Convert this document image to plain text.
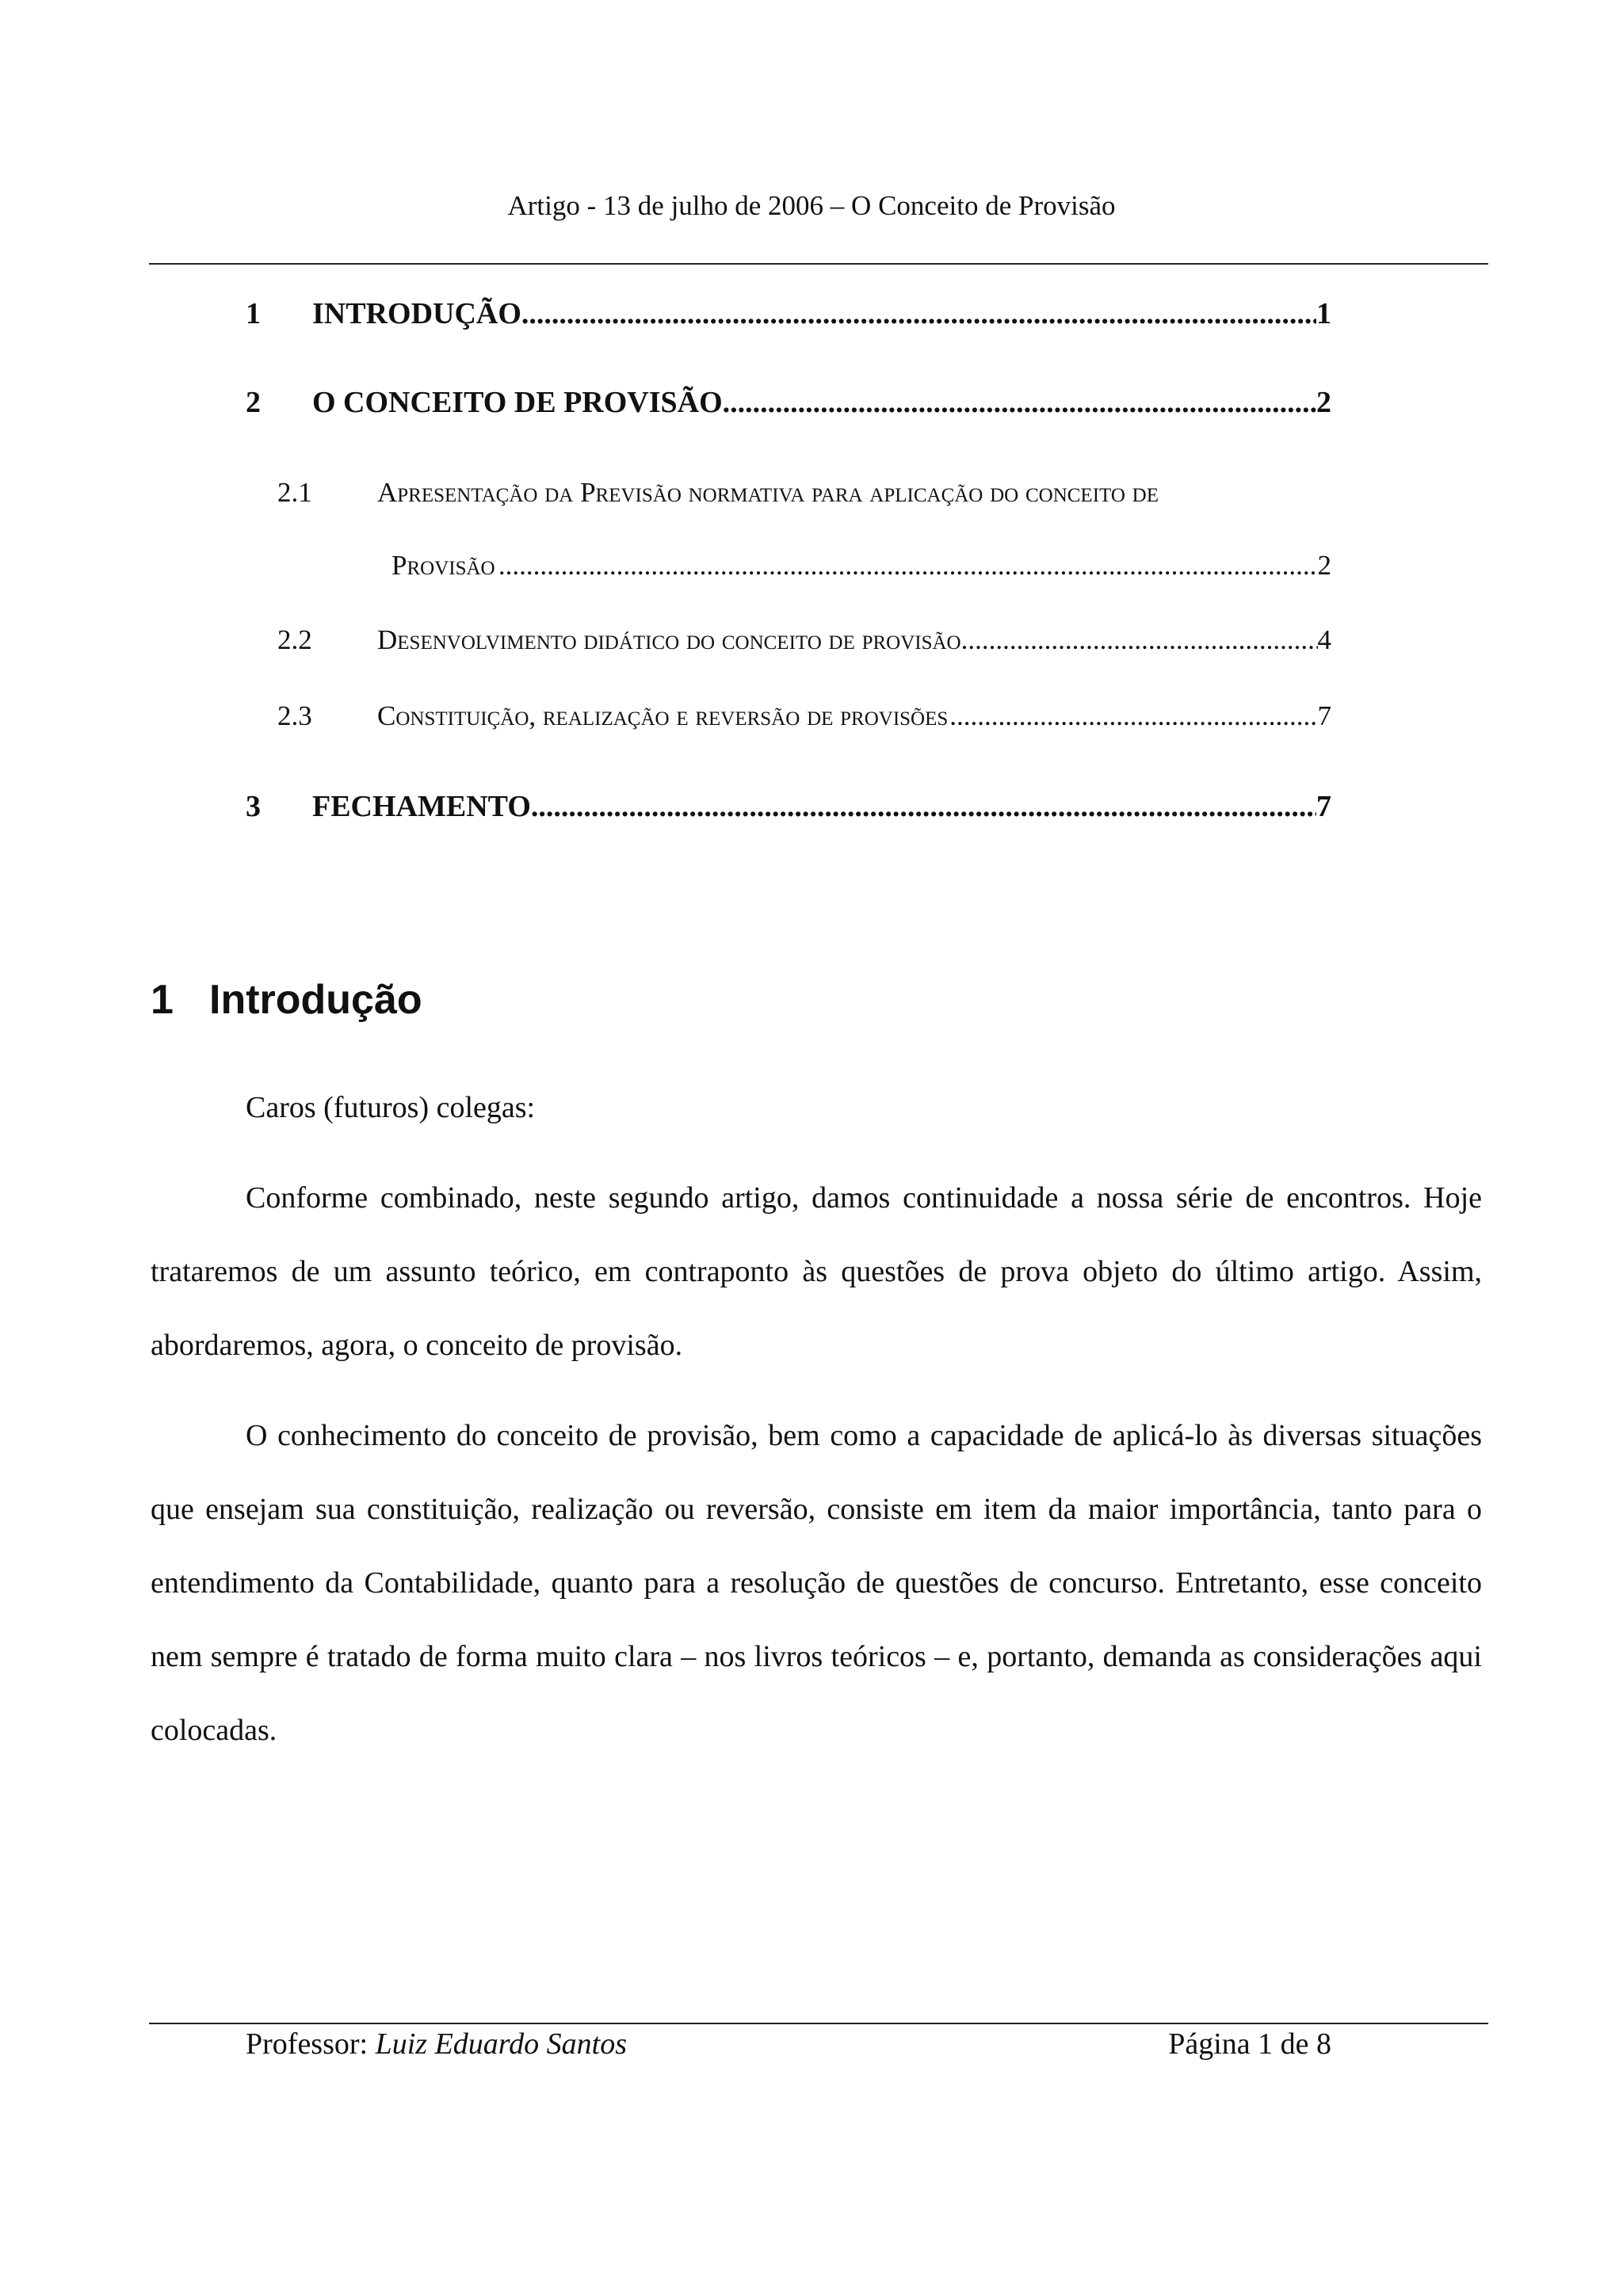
Artigo - 13 de julho de 2006 – O Conceito de Provisão
1	INTRODUÇÃO .....	1
2	O CONCEITO DE PROVISÃO .....	2
2.1	Apresentação da Previsão normativa para aplicação do conceito de
Provisão .....	2
2.2	Desenvolvimento didático do conceito de provisão .....	4
2.3	Constituição, realização e reversão de provisões .....	7
3	FECHAMENTO .....	7
1 Introdução
Caros (futuros) colegas:
Conforme combinado, neste segundo artigo, damos continuidade a nossa série de encontros. Hoje trataremos de um assunto teórico, em contraponto às questões de prova objeto do último artigo. Assim, abordaremos, agora, o conceito de provisão.
O conhecimento do conceito de provisão, bem como a capacidade de aplicá-lo às diversas situações que ensejam sua constituição, realização ou reversão, consiste em item da maior importância, tanto para o entendimento da Contabilidade, quanto para a resolução de questões de concurso. Entretanto, esse conceito nem sempre é tratado de forma muito clara – nos livros teóricos – e, portanto, demanda as considerações aqui colocadas.
Professor: Luiz Eduardo Santos	Página 1 de 8
